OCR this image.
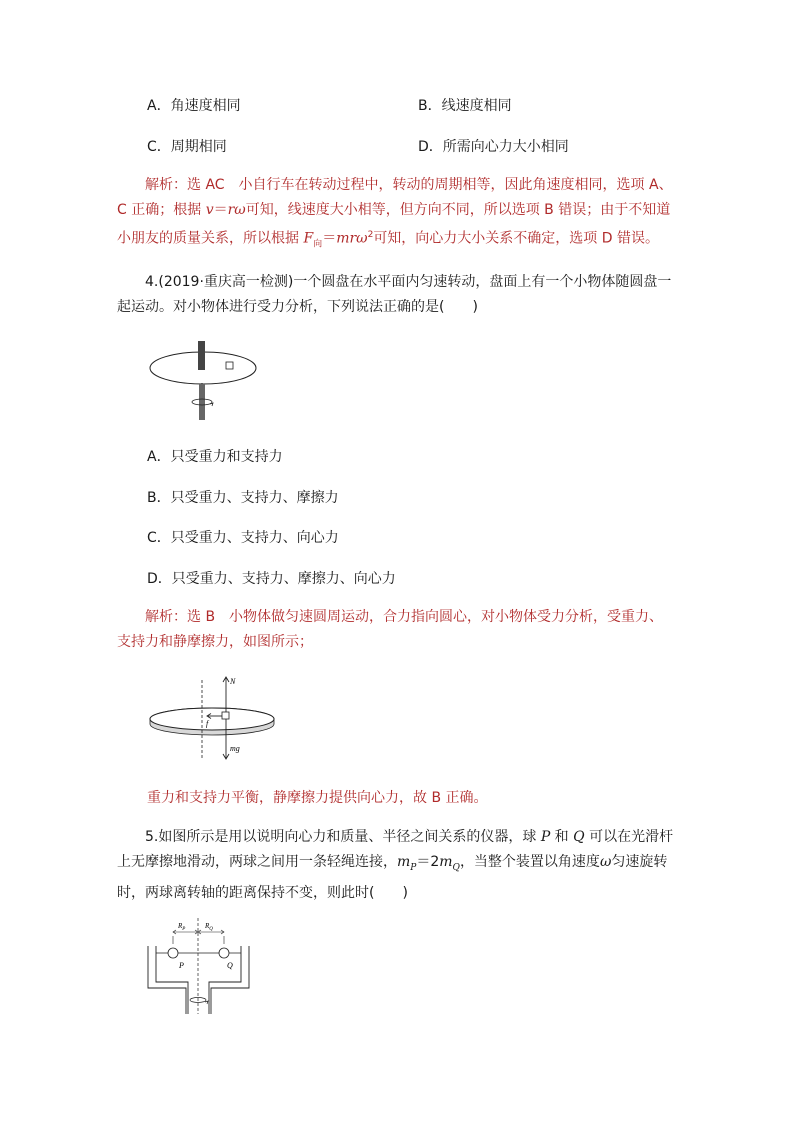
A．角速度相同	B．线速度相同
C．周期相同	D．所需向心力大小相同
解析：选 AC　小自行车在转动过程中，转动的周期相等，因此角速度相同，选项 A、C 正确；根据 v＝rω可知，线速度大小相等，但方向不同，所以选项 B 错误；由于不知道小朋友的质量关系，所以根据 $F_向=mr\omega^2$可知，向心力大小关系不确定，选项 D 错误。
4.(2019·重庆高一检测)一个圆盘在水平面内匀速转动，盘面上有一个小物体随圆盘一起运动。对小物体进行受力分析，下列说法正确的是(　　)
A．只受重力和支持力
B．只受重力、支持力、摩擦力
C．只受重力、支持力、向心力
D．只受重力、支持力、摩擦力、向心力
解析：选 B　小物体做匀速圆周运动，合力指向圆心，对小物体受力分析，受重力、支持力和静摩擦力，如图所示；
N
f
mg
重力和支持力平衡，静摩擦力提供向心力，故 B 正确。
5.如图所示是用以说明向心力和质量、半径之间关系的仪器，球 P 和 Q 可以在光滑杆上无摩擦地滑动，两球之间用一条轻绳连接，$m_P=2m_Q$，当整个装置以角速度ω匀速旋转时，两球离转轴的距离保持不变，则此时(　　)
$R_P$	$R_Q$
P	Q
